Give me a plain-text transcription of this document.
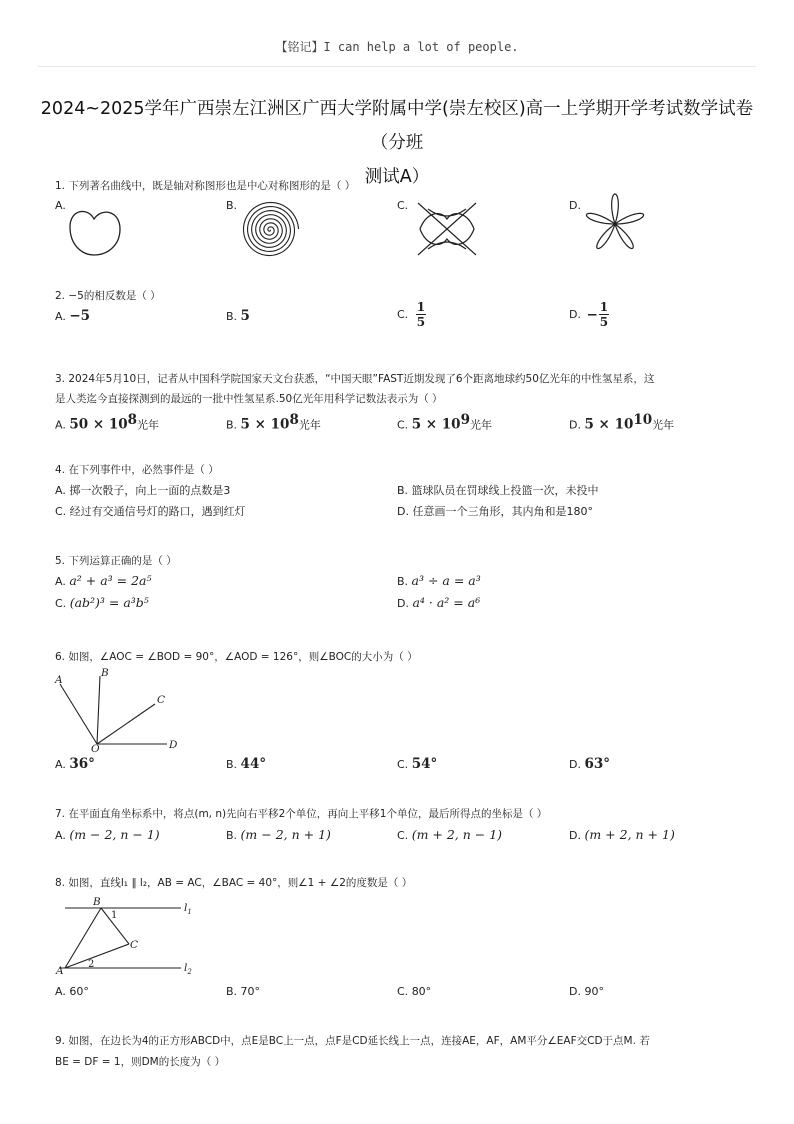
【铭记】I can help a lot of people.
2024~2025学年广西崇左江洲区广西大学附属中学(崇左校区)高一上学期开学考试数学试卷（分班
测试A）
1. 下列著名曲线中，既是轴对称图形也是中心对称图形的是（ ）
A.	B.	C.	D.
2. −5的相反数是（ ）
A. −5	B. 5	C. $\frac{1}{5}$	D. − $\frac{1}{5}$
3. 2024年5月10日，记者从中国科学院国家天文台获悉，“中国天眼”FAST近期发现了6个距离地球约50亿光年的中性氢星系，这
是人类迄今直接探测到的最远的一批中性氢星系.50亿光年用科学记数法表示为（ ）
A. $50 \times 10^8$光年	B. $5 \times 10^8$光年	C. $5 \times 10^9$光年	D. $5 \times 10^{10}$光年
4. 在下列事件中，必然事件是（ ）
A. 掷一次骰子，向上一面的点数是3	B. 篮球队员在罚球线上投篮一次，未投中
C. 经过有交通信号灯的路口，遇到红灯	D. 任意画一个三角形，其内角和是180°
5. 下列运算正确的是（ ）
A. a² + a³ = 2a⁵	B. a³ ÷ a = a³
C. (ab²)³ = a³b⁵	D. a⁴ · a² = a⁶
6. 如图，∠AOC = ∠BOD = 90°，∠AOD = 126°，则∠BOC的大小为（ ）
A
B
C
O	D
A. 36°	B. 44°	C. 54°	D. 63°
7. 在平面直角坐标系中，将点(m, n)先向右平移2个单位，再向上平移1个单位，最后所得点的坐标是（ ）
A. (m − 2, n − 1)	B. (m − 2, n + 1)	C. (m + 2, n − 1)	D. (m + 2, n + 1)
8. 如图，直线l₁ ∥ l₂，AB = AC，∠BAC = 40°，则∠1 + ∠2的度数是（ ）
B
1
C
A
2
$l_1$
$l_2$
A. 60°	B. 70°	C. 80°	D. 90°
9. 如图，在边长为4的正方形ABCD中，点E是BC上一点，点F是CD延长线上一点，连接AE，AF，AM平分∠EAF交CD于点M. 若
BE = DF = 1，则DM的长度为（ ）
